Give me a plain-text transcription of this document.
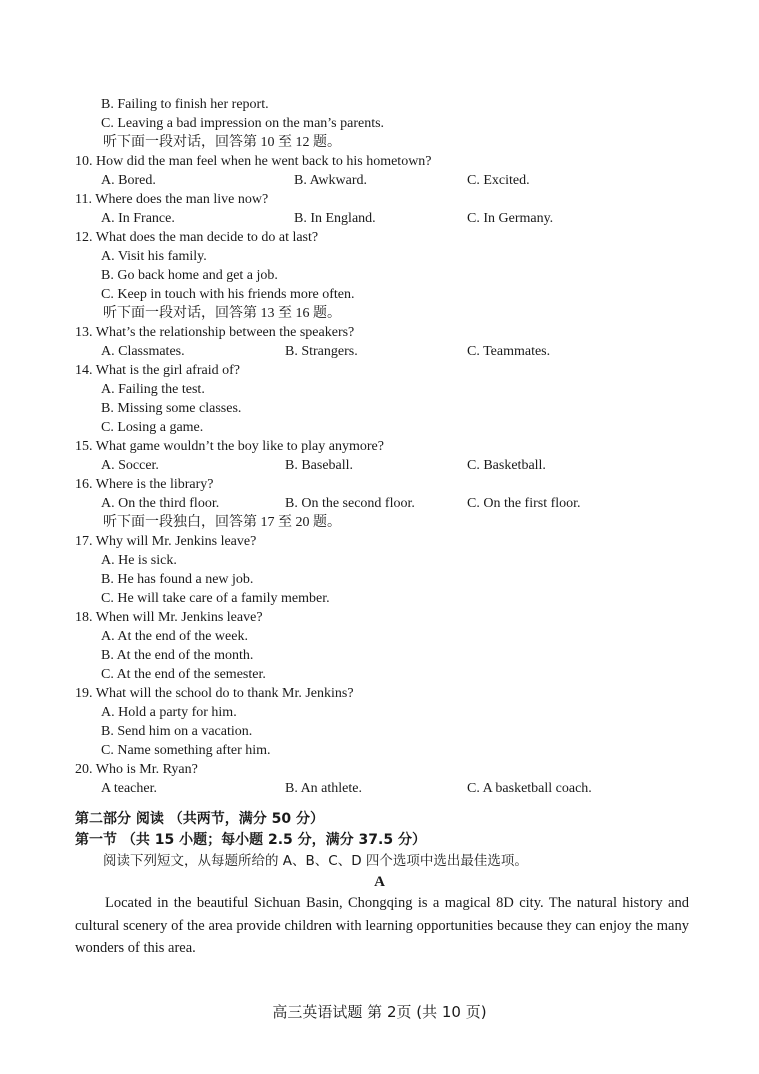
B. Failing to finish her report.
C. Leaving a bad impression on the man’s parents.
听下面一段对话，回答第 10 至 12 题。
10. How did the man feel when he went back to his hometown?
A. Bored.	B. Awkward.	C. Excited.
11. Where does the man live now?
A. In France.	B. In England.	C. In Germany.
12. What does the man decide to do at last?
A. Visit his family.
B. Go back home and get a job.
C. Keep in touch with his friends more often.
听下面一段对话，回答第 13 至 16 题。
13. What’s the relationship between the speakers?
A. Classmates.	B. Strangers.	C. Teammates.
14. What is the girl afraid of?
A. Failing the test.
B. Missing some classes.
C. Losing a game.
15. What game wouldn’t the boy like to play anymore?
A. Soccer.	B. Baseball.	C. Basketball.
16. Where is the library?
A. On the third floor.	B. On the second floor.	C. On the first floor.
听下面一段独白，回答第 17 至 20 题。
17. Why will Mr. Jenkins leave?
A. He is sick.
B. He has found a new job.
C. He will take care of a family member.
18. When will Mr. Jenkins leave?
A. At the end of the week.
B. At the end of the month.
C. At the end of the semester.
19. What will the school do to thank Mr. Jenkins?
A. Hold a party for him.
B. Send him on a vacation.
C. Name something after him.
20. Who is Mr. Ryan?
A teacher.	B. An athlete.	C. A basketball coach.
第二部分 阅读 （共两节，满分 50 分）
第一节 （共 15 小题；每小题 2.5 分，满分 37.5 分）
阅读下列短文，从每题所给的 A、B、C、D 四个选项中选出最佳选项。
A

Located in the beautiful Sichuan Basin, Chongqing is a magical 8D city. The natural history and cultural scenery of the area provide children with learning opportunities because they can enjoy the many wonders of this area.

高三英语试题 第 2页 (共 10 页)
